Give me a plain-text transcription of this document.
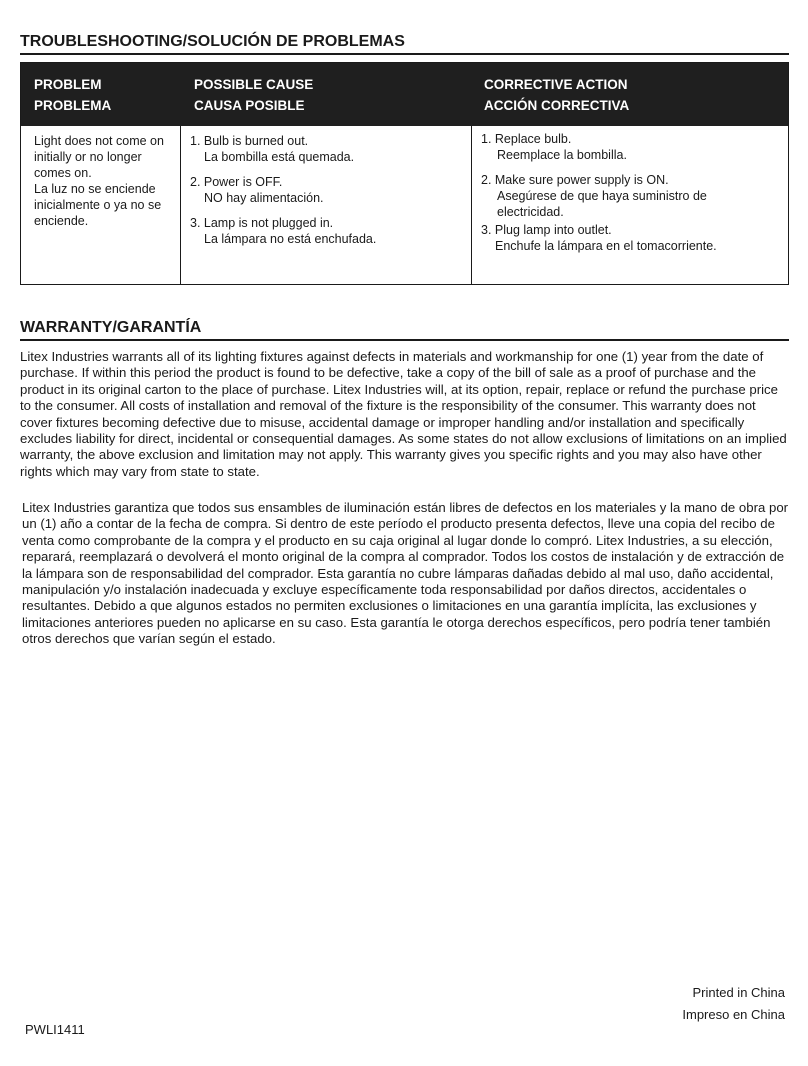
TROUBLESHOOTING/SOLUCIÓN DE PROBLEMAS
PROBLEM
PROBLEMA
POSSIBLE CAUSE
CAUSA POSIBLE
CORRECTIVE ACTION
ACCIÓN CORRECTIVA
Light does not come on initially or no longer comes on.
La luz no se enciende inicialmente o ya no se enciende.
1. Bulb is burned out.
La bombilla está quemada.
2. Power is OFF.
NO hay alimentación.
3. Lamp is not plugged in.
La lámpara no está enchufada.
1. Replace bulb.
Reemplace la bombilla.
2. Make sure power supply is ON.
Asegúrese de que haya suministro de electricidad.
3. Plug lamp into outlet.
Enchufe la lámpara en el tomacorriente.
WARRANTY/GARANTÍA
Litex Industries warrants all of its lighting fixtures against defects in materials and workmanship for one (1) year from the date of purchase. If within this period the product is found to be defective, take a copy of the bill of sale as a proof of purchase and the product in its original carton to the place of purchase. Litex Industries will, at its option, repair, replace or refund the purchase price to the consumer. All costs of installation and removal of the fixture is the responsibility of the consumer. This warranty does not cover fixtures becoming defective due to misuse, accidental damage or improper handling and/or installation and specifically excludes liability for direct, incidental or consequential damages. As some states do not allow exclusions of limitations on an implied warranty, the above exclusion and limitation may not apply. This warranty gives you specific rights and you may also have other rights which may vary from state to state.
Litex Industries garantiza que todos sus ensambles de iluminación están libres de defectos en los materiales y la mano de obra por un (1) año a contar de la fecha de compra. Si dentro de este período el producto presenta defectos, lleve una copia del recibo de venta como comprobante de la compra y el producto en su caja original al lugar donde lo compró. Litex Industries, a su elección, reparará, reemplazará o devolverá el monto original de la compra al comprador. Todos los costos de instalación y de extracción de la lámpara son de responsabilidad del comprador. Esta garantía no cubre lámparas dañadas debido al mal uso, daño accidental, manipulación y/o instalación inadecuada y excluye específicamente toda responsabilidad por daños directos, accidentales o resultantes. Debido a que algunos estados no permiten exclusiones o limitaciones en una garantía implícita, las exclusiones y limitaciones anteriores pueden no aplicarse en su caso. Esta garantía le otorga derechos específicos, pero podría tener también otros derechos que varían según el estado.
Printed in China
Impreso en China
PWLI1411
